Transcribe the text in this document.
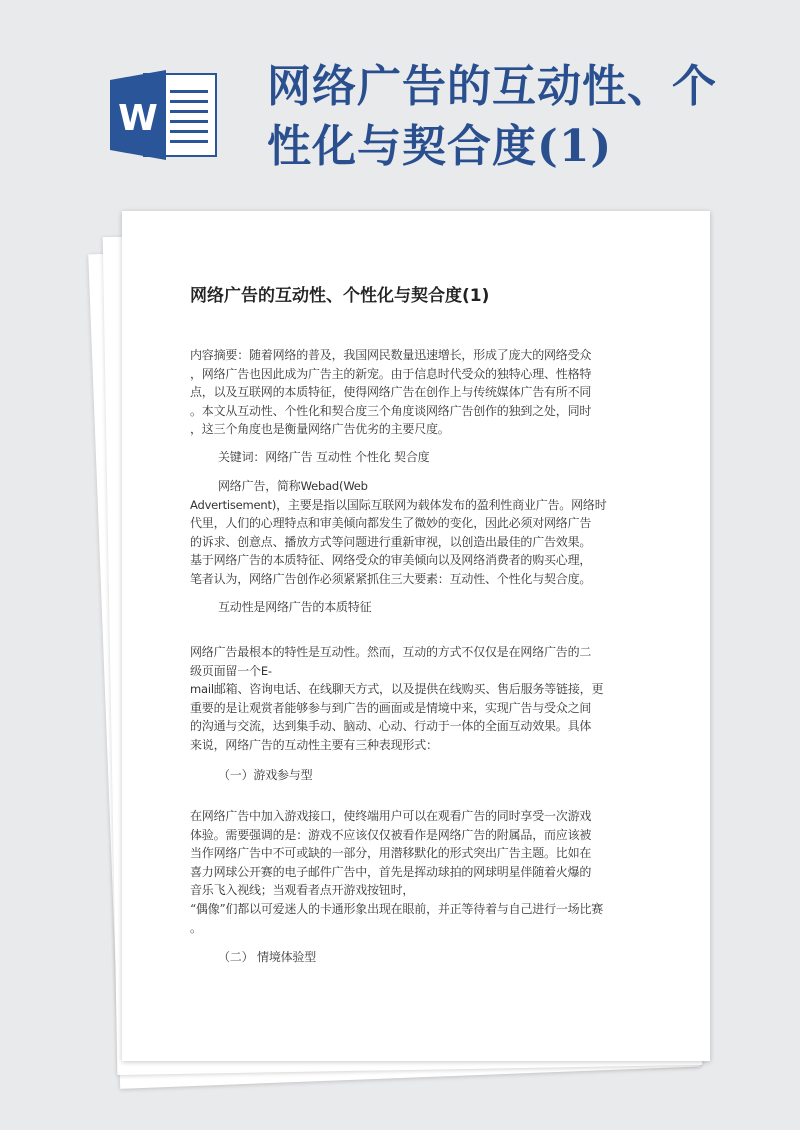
W
网络广告的互动性、个
性化与契合度(1)
网络广告的互动性、个性化与契合度(1)

内容摘要：随着网络的普及，我国网民数量迅速增长，形成了庞大的网络受众

，网络广告也因此成为广告主的新宠。由于信息时代受众的独特心理、性格特

点，以及互联网的本质特征，使得网络广告在创作上与传统媒体广告有所不同

。本文从互动性、个性化和契合度三个角度谈网络广告创作的独到之处，同时

，这三个角度也是衡量网络广告优劣的主要尺度。

关键词：网络广告 互动性 个性化 契合度

网络广告，简称Webad(Web

Advertisement)，主要是指以国际互联网为载体发布的盈利性商业广告。网络时

代里，人们的心理特点和审美倾向都发生了微妙的变化，因此必须对网络广告

的诉求、创意点、播放方式等问题进行重新审视，以创造出最佳的广告效果。

基于网络广告的本质特征、网络受众的审美倾向以及网络消费者的购买心理，

笔者认为，网络广告创作必须紧紧抓住三大要素：互动性、个性化与契合度。

互动性是网络广告的本质特征

网络广告最根本的特性是互动性。然而，互动的方式不仅仅是在网络广告的二

级页面留一个E-

mail邮箱、咨询电话、在线聊天方式，以及提供在线购买、售后服务等链接，更

重要的是让观赏者能够参与到广告的画面或是情境中来，实现广告与受众之间

的沟通与交流，达到集手动、脑动、心动、行动于一体的全面互动效果。具体

来说，网络广告的互动性主要有三种表现形式：

（一）游戏参与型

在网络广告中加入游戏接口，使终端用户可以在观看广告的同时享受一次游戏

体验。需要强调的是：游戏不应该仅仅被看作是网络广告的附属品，而应该被

当作网络广告中不可或缺的一部分，用潜移默化的形式突出广告主题。比如在

喜力网球公开赛的电子邮件广告中，首先是挥动球拍的网球明星伴随着火爆的

音乐飞入视线；当观看者点开游戏按钮时，

“偶像”们都以可爱迷人的卡通形象出现在眼前，并正等待着与自己进行一场比赛

。

（二） 情境体验型
